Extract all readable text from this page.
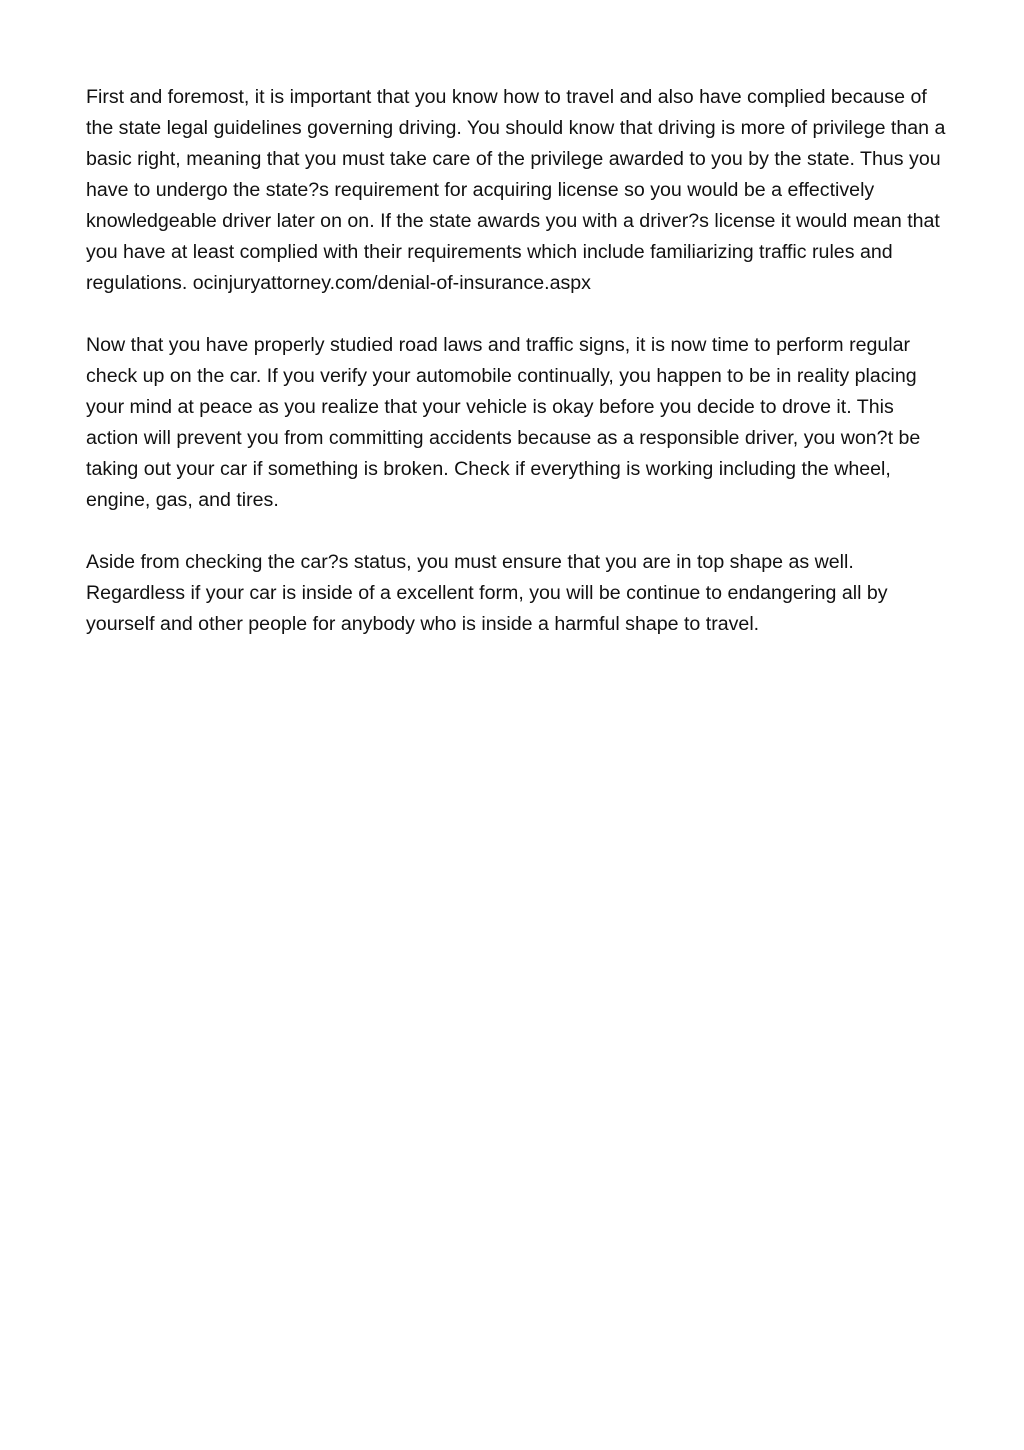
First and foremost, it is important that you know how to travel and also have complied because of the state legal guidelines governing driving. You should know that driving is more of privilege than a basic right, meaning that you must take care of the privilege awarded to you by the state. Thus you have to undergo the state?s requirement for acquiring license so you would be a effectively knowledgeable driver later on on. If the state awards you with a driver?s license it would mean that you have at least complied with their requirements which include familiarizing traffic rules and regulations. ocinjuryattorney.com/denial-of-insurance.aspx

Now that you have properly studied road laws and traffic signs, it is now time to perform regular check up on the car. If you verify your automobile continually, you happen to be in reality placing your mind at peace as you realize that your vehicle is okay before you decide to drove it. This action will prevent you from committing accidents because as a responsible driver, you won?t be taking out your car if something is broken. Check if everything is working including the wheel, engine, gas, and tires.

Aside from checking the car?s status, you must ensure that you are in top shape as well. Regardless if your car is inside of a excellent form, you will be continue to endangering all by yourself and other people for anybody who is inside a harmful shape to travel.
